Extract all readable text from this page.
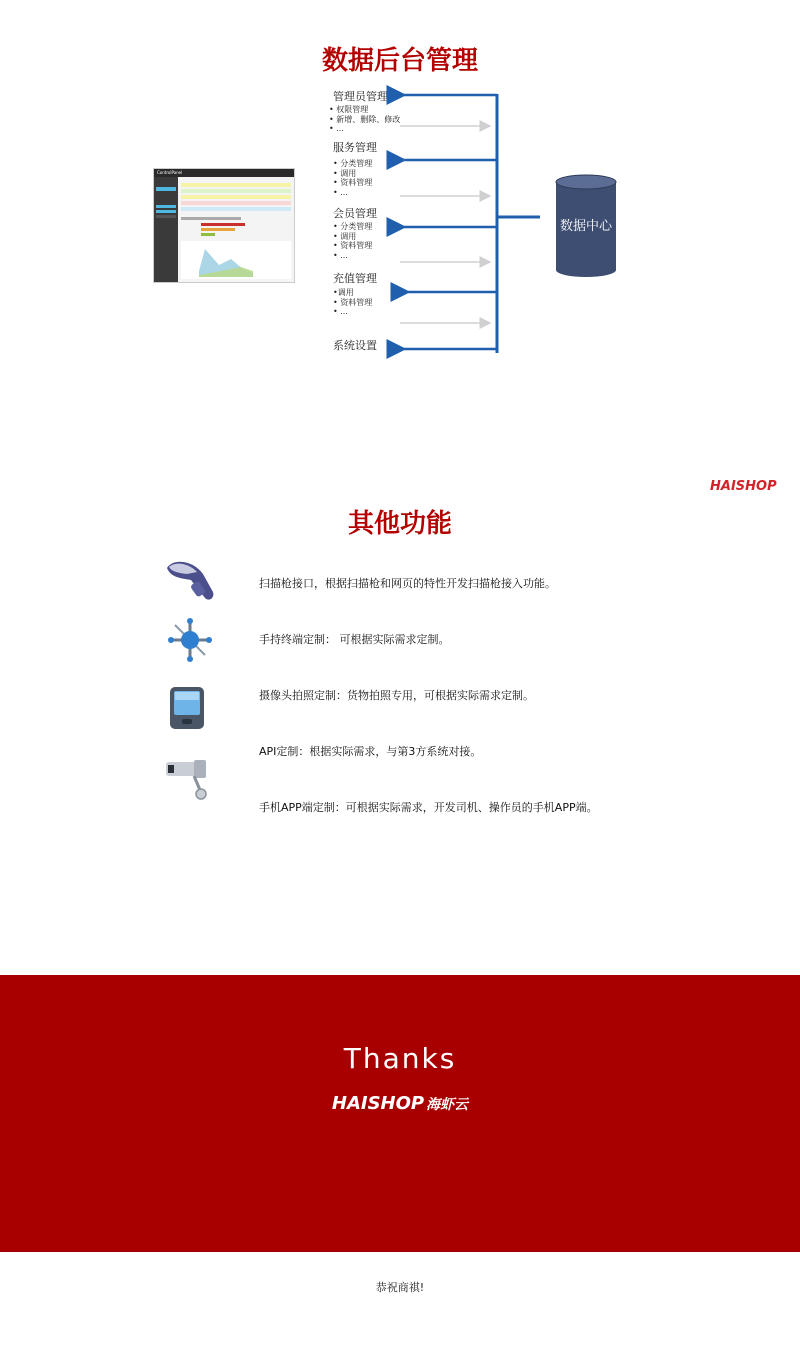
数据后台管理
ControlPanel
管理员管理
• 权限管理
• 新增、删除、修改
• ...
服务管理
• 分类管理
• 调用
• 资料管理
• ...
会员管理
• 分类管理
• 调用
• 资料管理
• ...
充值管理
•调用
• 资料管理
• ...
系统设置
数据中心
HAISHOP
其他功能
扫描枪接口，根据扫描枪和网页的特性开发扫描枪接入功能。
手持终端定制： 可根据实际需求定制。
摄像头拍照定制：货物拍照专用，可根据实际需求定制。
API定制：根据实际需求，与第3方系统对接。
手机APP端定制：可根据实际需求，开发司机、操作员的手机APP端。
Thanks
HAISHOP 海虾云
恭祝商祺!
